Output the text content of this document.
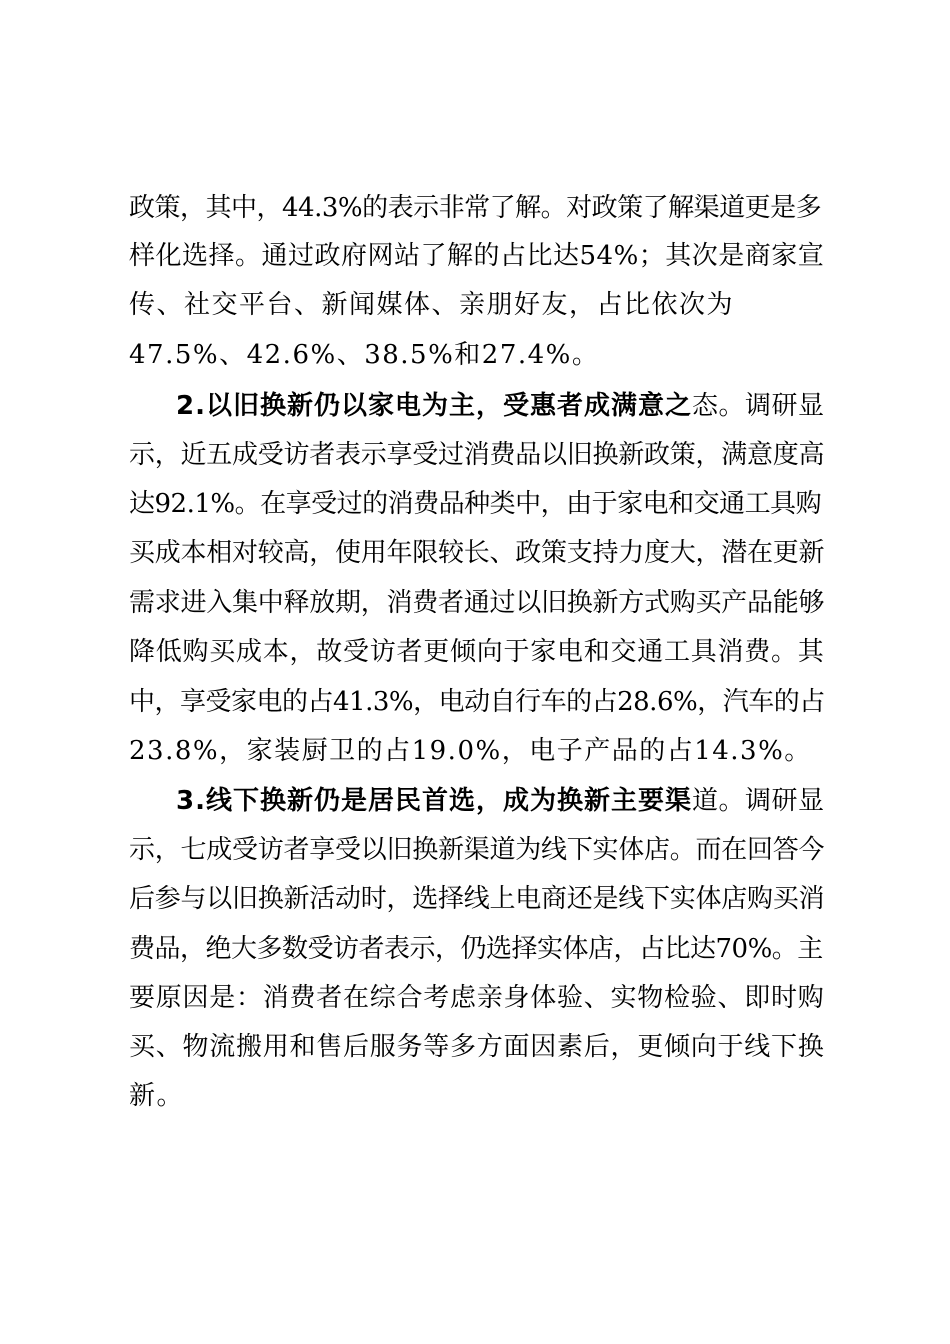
政策，其中，44.3%的表示非常了解。对政策了解渠道更是多
样化选择。通过政府网站了解的占比达54%；其次是商家宣
传、社交平台、新闻媒体、亲朋好友，占比依次为
47.5%、42.6%、38.5%和27.4%。
2.以旧换新仍以家电为主，受惠者成满意之态。调研显
示，近五成受访者表示享受过消费品以旧换新政策，满意度高
达92.1%。在享受过的消费品种类中，由于家电和交通工具购
买成本相对较高，使用年限较长、政策支持力度大，潜在更新
需求进入集中释放期，消费者通过以旧换新方式购买产品能够
降低购买成本，故受访者更倾向于家电和交通工具消费。其
中，享受家电的占41.3%，电动自行车的占28.6%，汽车的占
23.8%，家装厨卫的占19.0%，电子产品的占14.3%。
3.线下换新仍是居民首选，成为换新主要渠道。调研显
示，七成受访者享受以旧换新渠道为线下实体店。而在回答今
后参与以旧换新活动时，选择线上电商还是线下实体店购买消
费品，绝大多数受访者表示，仍选择实体店，占比达70%。主
要原因是：消费者在综合考虑亲身体验、实物检验、即时购
买、物流搬用和售后服务等多方面因素后，更倾向于线下换
新。
